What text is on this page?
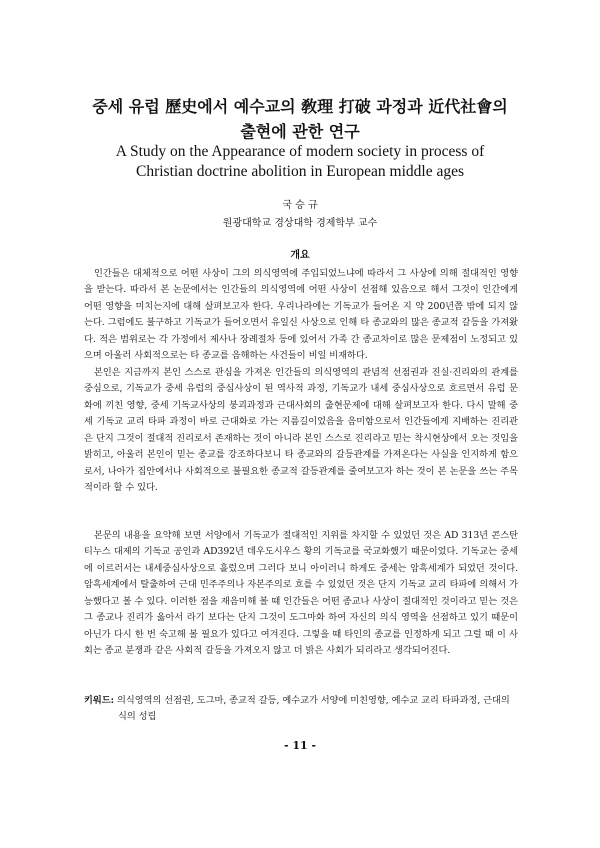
중세 유럽 歷史에서 예수교의 敎理 打破 과정과 近代社會의
출현에 관한 연구
A Study on the Appearance of modern society in process of
Christian doctrine abolition in European middle ages
국 승 규
원광대학교 경상대학 경제학부 교수
개요

인간들은 대체적으로 어떤 사상이 그의 의식영역에 주입되었느냐에 따라서 그 사상에 의해 절대적인 영향을 받는다. 따라서 본 논문에서는 인간들의 의식영역에 어떤 사상이 선점해 있음으로 해서 그것이 인간에게 어떤 영향을 미치는지에 대해 살펴보고자 한다. 우리나라에는 기독교가 들어온 지 약 200년쯤 밖에 되지 않는다. 그럼에도 불구하고 기독교가 들어오면서 유일신 사상으로 인해 타 종교와의 많은 종교적 갈등을 가져왔다. 적은 범위로는 각 가정에서 제사나 장례절차 등에 있어서 가족 간 종교차이로 많은 문제점이 노정되고 있으며 아울러 사회적으로는 타 종교를 음해하는 사건들이 비일 비재하다.

본인은 지금까지 본인 스스로 관심을 가져온 인간들의 의식영역의 관념적 선점권과 진실·진리와의 관계를 중심으로, 기독교가 중세 유럽의 중심사상이 된 역사적 과정, 기독교가 내세 중심사상으로 흐르면서 유럽 문화에 끼친 영향, 중세 기독교사상의 붕괴과정과 근대사회의 출현문제에 대해 살펴보고자 한다. 다시 말해 중세 기독교 교리 타파 과정이 바로 근대화로 가는 지름길이었음을 음미함으로서 인간들에게 지배하는 진리관은 단지 그것이 절대적 진리로서 존재하는 것이 아니라 본인 스스로 진리라고 믿는 착시현상에서 오는 것임을 밝히고, 아울러 본인이 믿는 종교를 강조하다보니 타 종교와의 갈등관계를 가져온다는 사실을 인지하게 함으로서, 나아가 집안에서나 사회적으로 불필요한 종교적 갈등관계를 줄여보고자 하는 것이 본 논문을 쓰는 주목적이라 할 수 있다.

본문의 내용을 요약해 보면 서양에서 기독교가 절대적인 지위를 차지할 수 있었던 것은 AD 313년 콘스탄티누스 대제의 기독교 공인과 AD392년 데우도시우스 황의 기독교를 국교화했기 때문이었다. 기독교는 중세에 이르러서는 내세중심사상으로 흘렀으며 그러다 보니 아이러니 하게도 중세는 암흑세계가 되었던 것이다. 암흑세계에서 탈출하여 근대 민주주의나 자본주의로 흐를 수 있었던 것은 단지 기독교 교리 타파에 의해서 가능했다고 볼 수 있다. 이러한 점을 재음미해 볼 때 인간들은 어떤 종교나 사상이 절대적인 것이라고 믿는 것은 그 종교나 진리가 옳아서 라기 보다는 단지 그것이 도그마화 하여 자신의 의식 영역을 선점하고 있기 때문이 아닌가 다시 한 번 숙고해 볼 필요가 있다고 여겨진다. 그렇을 때 타인의 종교를 인정하게 되고 그럴 때 이 사회는 종교 분쟁과 같은 사회적 갈등을 가져오지 않고 더 밝은 사회가 되리라고 생각되어진다.

키워드: 의식영역의 선점권, 도그마, 종교적 갈등, 예수교가 서양에 미친영향, 예수교 교리 타파과정, 근대의식의 성립
- 11 -
